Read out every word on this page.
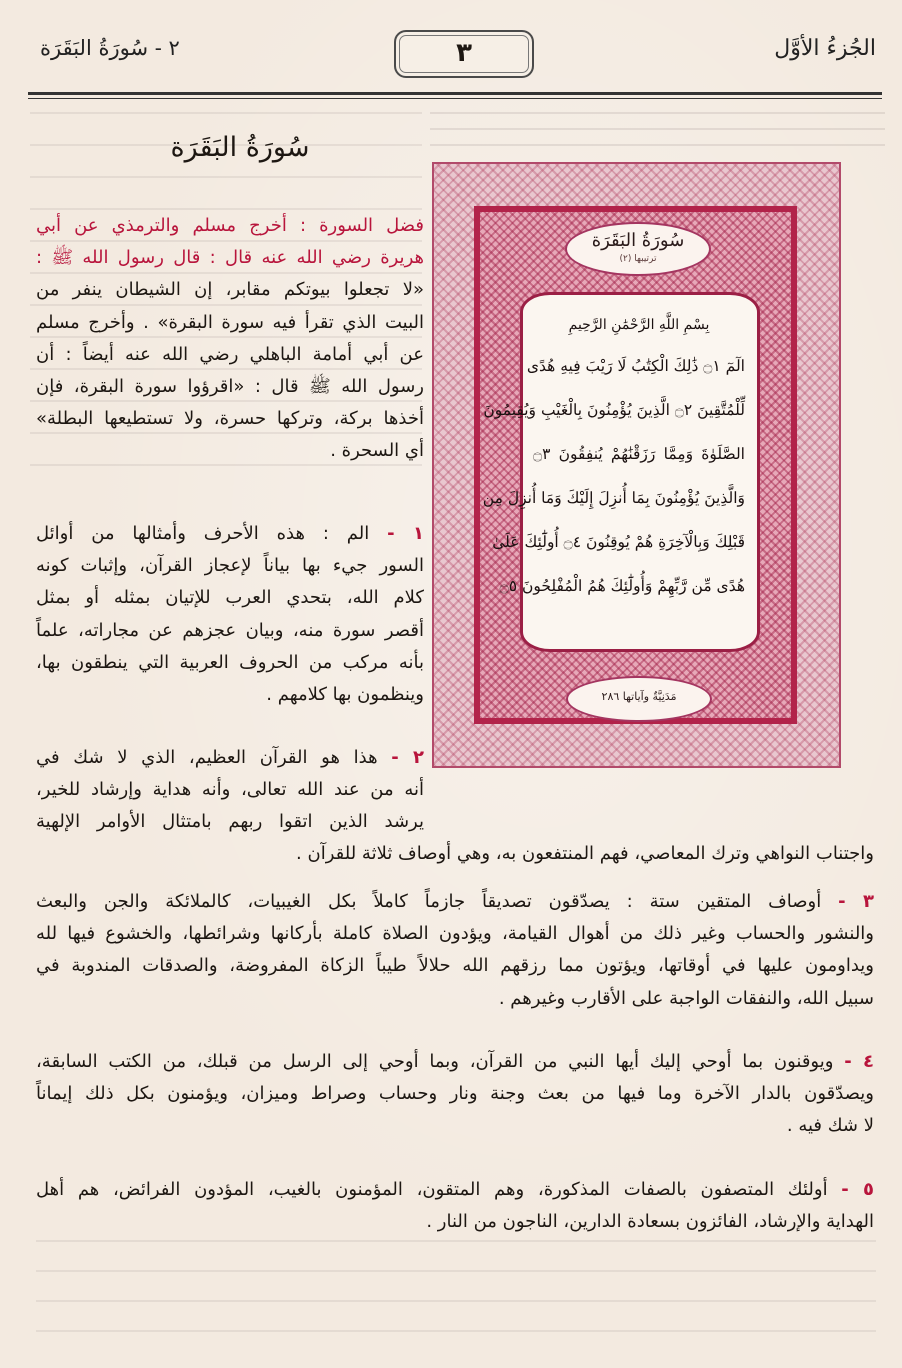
الجُزءُ الأوَّل
٣
٢ - سُورَةُ البَقَرَة
سُورَةُ البَقَرَة
ترتيبها (٢)
بِسْمِ اللَّهِ الرَّحْمَٰنِ الرَّحِيمِ
الٓمٓ ۝١ ذَٰلِكَ الْكِتَٰبُ لَا رَيْبَ فِيهِ هُدًى
لِّلْمُتَّقِينَ ۝٢ الَّذِينَ يُؤْمِنُونَ بِالْغَيْبِ وَيُقِيمُونَ
الصَّلَوٰةَ وَمِمَّا رَزَقْنَٰهُمْ يُنفِقُونَ ۝٣
وَالَّذِينَ يُؤْمِنُونَ بِمَا أُنزِلَ إِلَيْكَ وَمَا أُنزِلَ مِن
قَبْلِكَ وَبِالْآخِرَةِ هُمْ يُوقِنُونَ ۝٤ أُولَٰٓئِكَ عَلَىٰ
هُدًى مِّن رَّبِّهِمْ وَأُولَٰٓئِكَ هُمُ الْمُفْلِحُونَ ۝٥
مَدَنِيَّةٌ وآياتها ٢٨٦
سُورَةُ البَقَرَة
فضل السورة : أخرج مسلم والترمذي عن أبي
هريرة رضي الله عنه قال : قال رسول الله ﷺ :
«لا تجعلوا بيوتكم مقابر، إن الشيطان ينفر من
البيت الذي تقرأ فيه سورة البقرة» . وأخرج مسلم
عن أبي أمامة الباهلي رضي الله عنه أيضاً : أن
رسول الله ﷺ قال : «اقرؤوا سورة البقرة، فإن
أخذها بركة، وتركها حسرة، ولا تستطيعها البطلة»
أي السحرة .
١ - الم : هذه الأحرف وأمثالها من أوائل
السور جيء بها بياناً لإعجاز القرآن، وإثبات كونه
كلام الله، بتحدي العرب للإتيان بمثله أو بمثل
أقصر سورة منه، وبيان عجزهم عن مجاراته، علماً
بأنه مركب من الحروف العربية التي ينطقون بها،
وينظمون بها كلامهم .
٢ - هذا هو القرآن العظيم، الذي لا شك في
أنه من عند الله تعالى، وأنه هداية وإرشاد للخير،
يرشد الذين اتقوا ربهم بامتثال الأوامر الإلهية
واجتناب النواهي وترك المعاصي، فهم المنتفعون به، وهي أوصاف ثلاثة للقرآن .
٣ - أوصاف المتقين ستة : يصدّقون تصديقاً جازماً كاملاً بكل الغيبيات، كالملائكة والجن والبعث
والنشور والحساب وغير ذلك من أهوال القيامة، ويؤدون الصلاة كاملة بأركانها وشرائطها، والخشوع فيها لله
ويداومون عليها في أوقاتها، ويؤتون مما رزقهم الله حلالاً طيباً الزكاة المفروضة، والصدقات المندوبة في
سبيل الله، والنفقات الواجبة على الأقارب وغيرهم .
٤ - ويوقنون بما أوحي إليك أيها النبي من القرآن، وبما أوحي إلى الرسل من قبلك، من الكتب السابقة،
ويصدّقون بالدار الآخرة وما فيها من بعث وجنة ونار وحساب وصراط وميزان، ويؤمنون بكل ذلك إيماناً
لا شك فيه .
٥ - أولئك المتصفون بالصفات المذكورة، وهم المتقون، المؤمنون بالغيب، المؤدون الفرائض، هم أهل
الهداية والإرشاد، الفائزون بسعادة الدارين، الناجون من النار .
